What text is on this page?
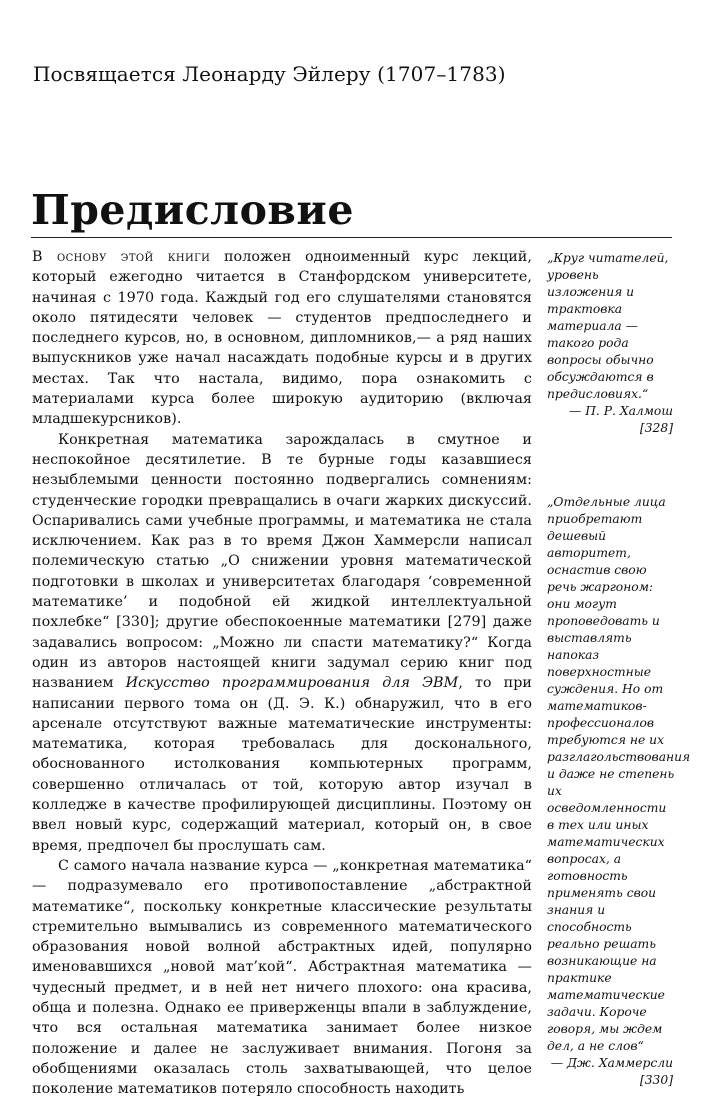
Посвящается Леонарду Эйлеру (1707–1783)
Предисловие

В основу этой книги положен одноименный курс лекций, который ежегодно читается в Станфордском университете, начиная с 1970 года. Каждый год его слушателями становятся около пятидесяти человек — студентов предпоследнего и последнего курсов, но, в основном, дипломников,— а ряд наших выпускников уже начал насаждать подобные курсы и в других местах. Так что настала, видимо, пора ознакомить с материалами курса более широкую аудиторию (включая младшекурсников).

Конкретная математика зарождалась в смутное и неспокойное десятилетие. В те бурные годы казавшиеся незыблемыми ценности постоянно подвергались сомнениям: студенческие городки превращались в очаги жарких дискуссий. Оспаривались сами учебные программы, и математика не стала исключением. Как раз в то время Джон Хаммерсли написал полемическую статью „О снижении уровня математической подготовки в школах и университетах благодаря ‘современной математике’ и подобной ей жидкой интеллектуальной похлебке“ [330]; другие обеспокоенные математики [279] даже задавались вопросом: „Можно ли спасти математику?“ Когда один из авторов настоящей книги задумал серию книг под названием Искусство программирования для ЭВМ, то при написании первого тома он (Д. Э. К.) обнаружил, что в его арсенале отсутствуют важные математические инструменты: математика, которая требовалась для досконального, обоснованного истолкования компьютерных программ, совершенно отличалась от той, которую автор изучал в колледже в качестве профилирующей дисциплины. Поэтому он ввел новый курс, содержащий материал, который он, в свое время, предпочел бы прослушать сам.

С самого начала название курса — „конкретная математика“ — подразумевало его противопоставление „абстрактной математике“, поскольку конкретные классические результаты стремительно вымывались из современного математического образования новой волной абстрактных идей, популярно именовавшихся „новой мат’кой“. Абстрактная математика — чудесный предмет, и в ней нет ничего плохого: она красива, обща и полезна. Однако ее приверженцы впали в заблуждение, что вся остальная математика занимает более низкое положение и далее не заслуживает внимания. Погоня за обобщениями оказалась столь захватывающей, что целое поколение математиков потеряло способность находить

„Круг читателей, уровень изложения и трактовка материала — такого рода вопросы обычно обсуждаются в предисловиях.“

— П. Р. Халмош [328]

„Отдельные лица приобретают дешевый авторитет, оснастив свою речь жаргоном: они могут проповедовать и выставлять напоказ поверхностные суждения. Но от математиков-профессионалов требуются не их разглагольствования и даже не степень их осведомленности в тех или иных математических вопросах, а готовность применять свои знания и способность реально решать возникающие на практике математические задачи. Короче говоря, мы ждем дел, а не слов“

— Дж. Хаммерсли [330]
